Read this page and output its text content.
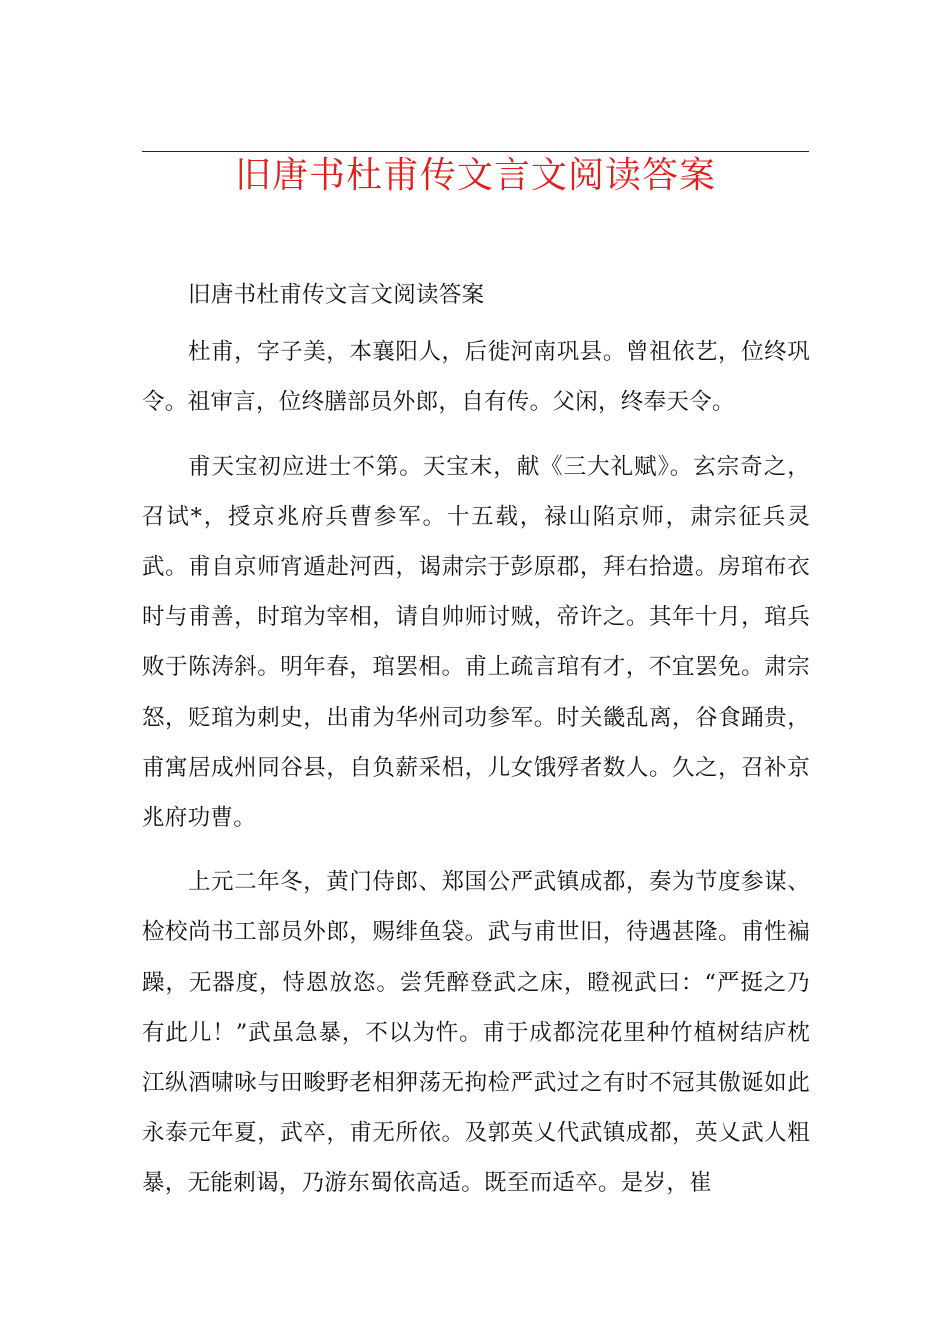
旧唐书杜甫传文言文阅读答案

旧唐书杜甫传文言文阅读答案

杜甫，字子美，本襄阳人，后徙河南巩县。曾祖依艺，位终巩令。祖审言，位终膳部员外郎，自有传。父闲，终奉天令。

甫天宝初应进士不第。天宝末，献《三大礼赋》。玄宗奇之，召试*，授京兆府兵曹参军。十五载，禄山陷京师，肃宗征兵灵武。甫自京师宵遁赴河西，谒肃宗于彭原郡，拜右拾遗。房琯布衣时与甫善，时琯为宰相，请自帅师讨贼，帝许之。其年十月，琯兵败于陈涛斜。明年春，琯罢相。甫上疏言琯有才，不宜罢免。肃宗怒，贬琯为刺史，出甫为华州司功参军。时关畿乱离，谷食踊贵，甫寓居成州同谷县，自负薪采梠，儿女饿殍者数人。久之，召补京兆府功曹。

上元二年冬，黄门侍郎、郑国公严武镇成都，奏为节度参谋、检校尚书工部员外郎，赐绯鱼袋。武与甫世旧，待遇甚隆。甫性褊躁，无器度，恃恩放恣。尝凭醉登武之床，瞪视武曰：“严挺之乃有此儿！”武虽急暴，不以为忤。甫于成都浣花里种竹植树结庐枕江纵酒啸咏与田畯野老相狎荡无拘检严武过之有时不冠其傲诞如此永泰元年夏，武卒，甫无所依。及郭英乂代武镇成都，英乂武人粗暴，无能刺谒，乃游东蜀依高适。既至而适卒。是岁，崔
